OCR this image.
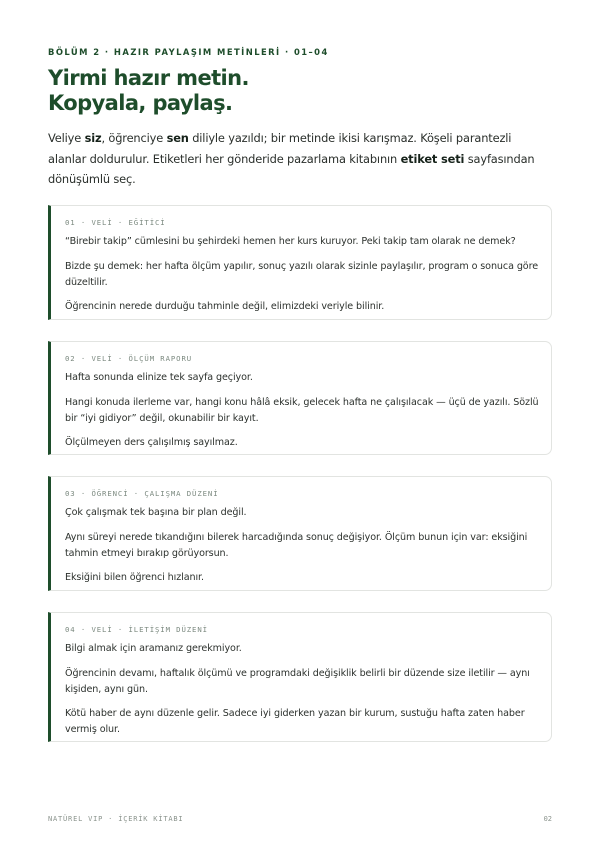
BÖLÜM 2 · HAZIR PAYLAŞIM METİNLERİ · 01–04
Yirmi hazır metin.
Kopyala, paylaş.

Veliye siz, öğrenciye sen diliyle yazıldı; bir metinde ikisi karışmaz. Köşeli parantezli alanlar doldurulur. Etiketleri her gönderide pazarlama kitabının etiket seti sayfasından dönüşümlü seç.

01 · VELİ · EĞİTİCİ

“Birebir takip” cümlesini bu şehirdeki hemen her kurs kuruyor. Peki takip tam olarak ne demek?

Bizde şu demek: her hafta ölçüm yapılır, sonuç yazılı olarak sizinle paylaşılır, program o sonuca göre düzeltilir.

Öğrencinin nerede durduğu tahminle değil, elimizdeki veriyle bilinir.

02 · VELİ · ÖLÇÜM RAPORU

Hafta sonunda elinize tek sayfa geçiyor.

Hangi konuda ilerleme var, hangi konu hâlâ eksik, gelecek hafta ne çalışılacak — üçü de yazılı. Sözlü bir “iyi gidiyor” değil, okunabilir bir kayıt.

Ölçülmeyen ders çalışılmış sayılmaz.

03 · ÖĞRENCİ · ÇALIŞMA DÜZENİ

Çok çalışmak tek başına bir plan değil.

Aynı süreyi nerede tıkandığını bilerek harcadığında sonuç değişiyor. Ölçüm bunun için var: eksiğini tahmin etmeyi bırakıp görüyorsun.

Eksiğini bilen öğrenci hızlanır.

04 · VELİ · İLETİŞİM DÜZENİ

Bilgi almak için aramanız gerekmiyor.

Öğrencinin devamı, haftalık ölçümü ve programdaki değişiklik belirli bir düzende size iletilir — aynı kişiden, aynı gün.

Kötü haber de aynı düzenle gelir. Sadece iyi giderken yazan bir kurum, sustuğu hafta zaten haber vermiş olur.

NATÜREL VIP · İÇERİK KİTABI	02
